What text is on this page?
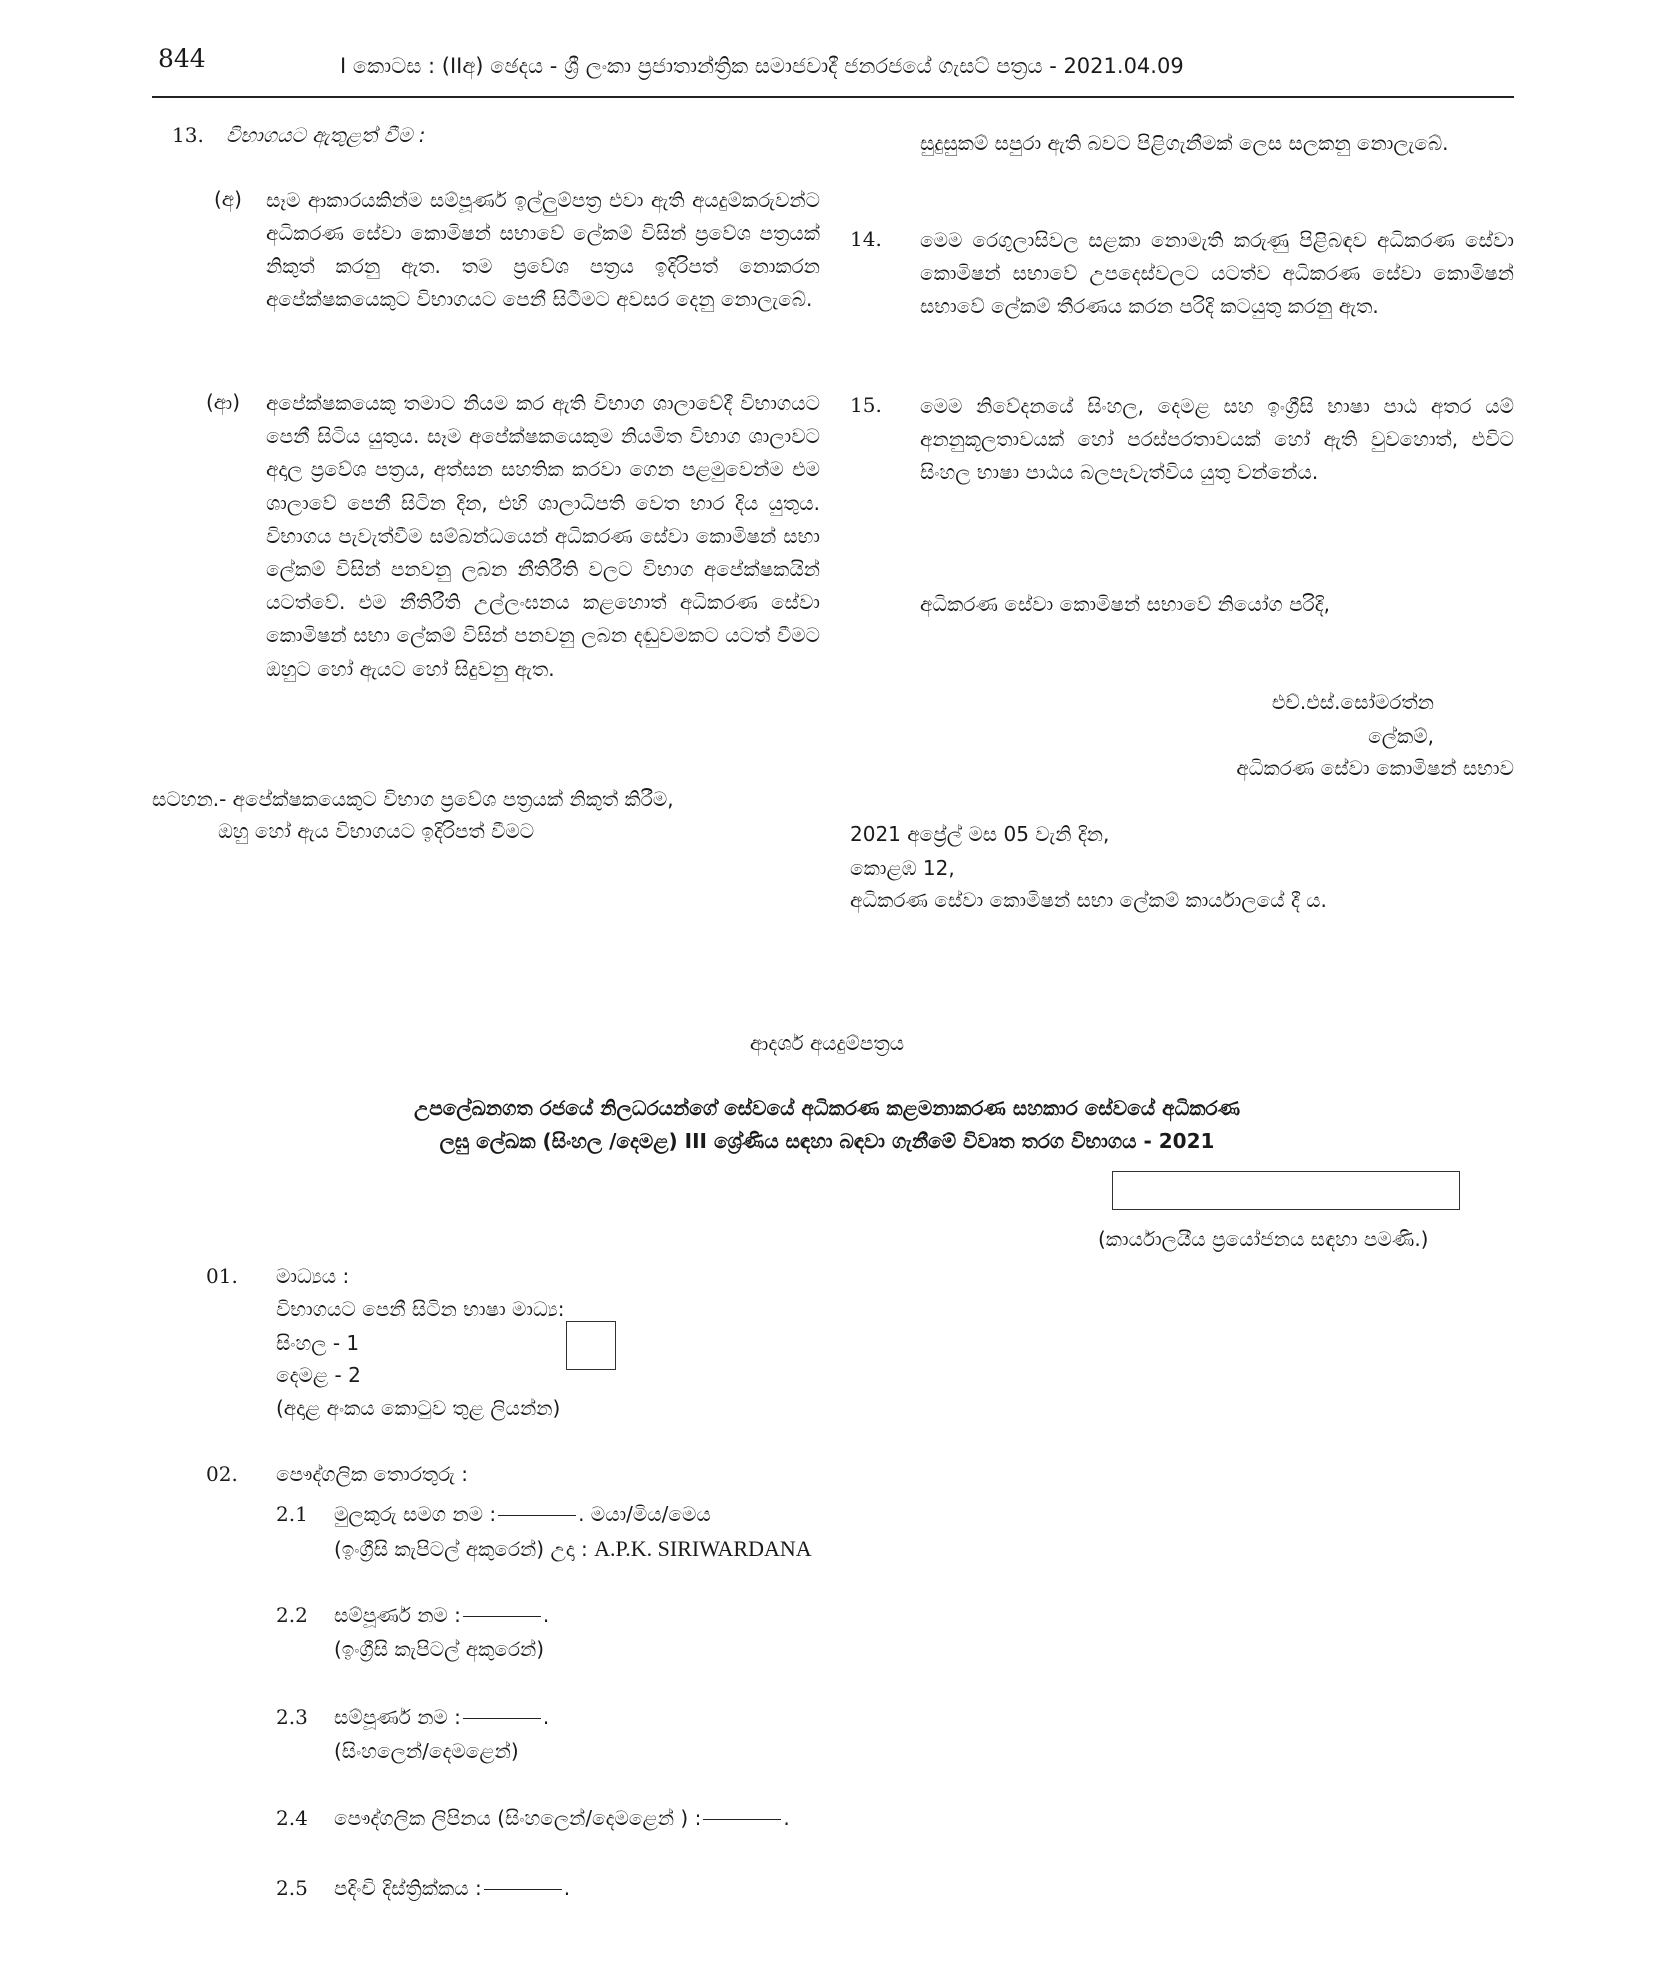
844	I කොටස : (IIඅ) ඡෙදය - ශ්‍රී ලංකා ප්‍රජාතාන්ත්‍රික සමාජවාදී ජනරජයේ ගැසට් පත්‍රය - 2021.04.09
13. විභාගයට ඇතුළත් වීම :
(අ) සෑම ආකාරයකින්ම සම්පූර්ණ ඉල්ලුම්පත්‍ර එවා ඇති අයදුම්කරුවන්ට අධිකරණ සේවා කොමිෂන් සභාවේ ලේකම් විසින් ප්‍රවේශ පත්‍රයක් නිකුත් කරනු ඇත. තම ප්‍රවේශ පත්‍රය ඉදිරිපත් නොකරන අපේක්ෂකයෙකුට විභාගයට පෙනී සිටීමට අවසර දෙනු නොලැබේ.
(ආ) අපේක්ෂකයෙකු තමාට නියම කර ඇති විභාග ශාලාවේදී විභාගයට පෙනී සිටිය යුතුය. සෑම අපේක්ෂකයෙකුම නියමිත විභාග ශාලාවට අදාල ප්‍රවේශ පත්‍රය, අත්සන සහතික කරවා ගෙන පළමුවෙන්ම එම ශාලාවේ පෙනී සිටින දින, එහි ශාලාධිපති වෙත භාර දිය යුතුය. විභාගය පැවැත්වීම සම්බන්ධයෙන් අධිකරණ සේවා කොමිෂන් සභා ලේකම් විසින් පනවනු ලබන නීතිරීති වලට විභාග අපේක්ෂකයින් යටත්වේ. එම නීතිරීති උල්ලංඝනය කළහොත් අධිකරණ සේවා කොමිෂන් සභා ලේකම් විසින් පනවනු ලබන දඬුවමකට යටත් වීමට ඔහුට හෝ ඇයට හෝ සිදුවනු ඇත.
සටහන.- අපේක්ෂකයෙකුට විභාග ප්‍රවේශ පත්‍රයක් නිකුත් කිරීම,
ඔහු හෝ ඇය විභාගයට ඉදිරිපත් වීමට
සුදුසුකම් සපුරා ඇති බවට පිළිගැනීමක් ලෙස සලකනු නොලැබේ.
14. මෙම රෙගුලාසිවල සළකා නොමැති කරුණු පිළිබඳව අධිකරණ සේවා කොමිෂන් සභාවේ උපදෙස්වලට යටත්ව අධිකරණ සේවා කොමිෂන් සභාවේ ලේකම් තීරණය කරන පරිදි කටයුතු කරනු ඇත.
15. මෙම නිවේදනයේ සිංහල, දෙමළ සහ ඉංග්‍රීසි භාෂා පාඨ අතර යම් අනනුකූලතාවයක් හෝ පරස්පරතාවයක් හෝ ඇති වුවහොත්, එවිට සිංහල භාෂා පාඨය බලපැවැත්විය යුතු වන්නේය.
අධිකරණ සේවා කොමිෂන් සභාවේ නියෝග පරිදි,
එච්.එස්.සෝමරත්න
ලේකම්,
අධිකරණ සේවා කොමිෂන් සභාව
2021 අප්‍රේල් මස 05 වැනි දින,
කොළඹ 12,
අධිකරණ සේවා කොමිෂන් සභා ලේකම් කාර්යාලයේ දී ය.
ආදර්ශ අයදුම්පත්‍රය
උපලේඛනගත රජයේ නිලධරයන්ගේ සේවයේ අධිකරණ කළමනාකරණ සහකාර සේවයේ අධිකරණ
ලඝු ලේඛක (සිංහල /දෙමළ) III ශ්‍රේණිය සඳහා බඳවා ගැනීමේ විවෘත තරග විභාගය - 2021
(කාර්යාලයීය ප්‍රයෝජනය සඳහා පමණි.)
01. මාධ්‍යය :
විභාගයට පෙනී සිටින භාෂා මාධ්‍ය:
සිංහල - 1
දෙමළ - 2
(අදාළ අංකය කොටුව තුළ ලියන්න)
02. පෞද්ගලික තොරතුරු :
2.1 මුලකුරු සමග නම :	. මයා/මිය/මෙය
(ඉංග්‍රීසි කැපිටල් අකුරෙන්) උදා : A.P.K. SIRIWARDANA
2.2 සම්පූර්ණ නම :	.
(ඉංග්‍රීසි කැපිටල් අකුරෙන්)
2.3 සම්පූර්ණ නම :	.
(සිංහලෙන්/දෙමළෙන්)
2.4 පෞද්ගලික ලිපිනය (සිංහලෙන්/දෙමළෙන් ) :	.
2.5 පදිංචි දිස්ත්‍රික්කය :	.
